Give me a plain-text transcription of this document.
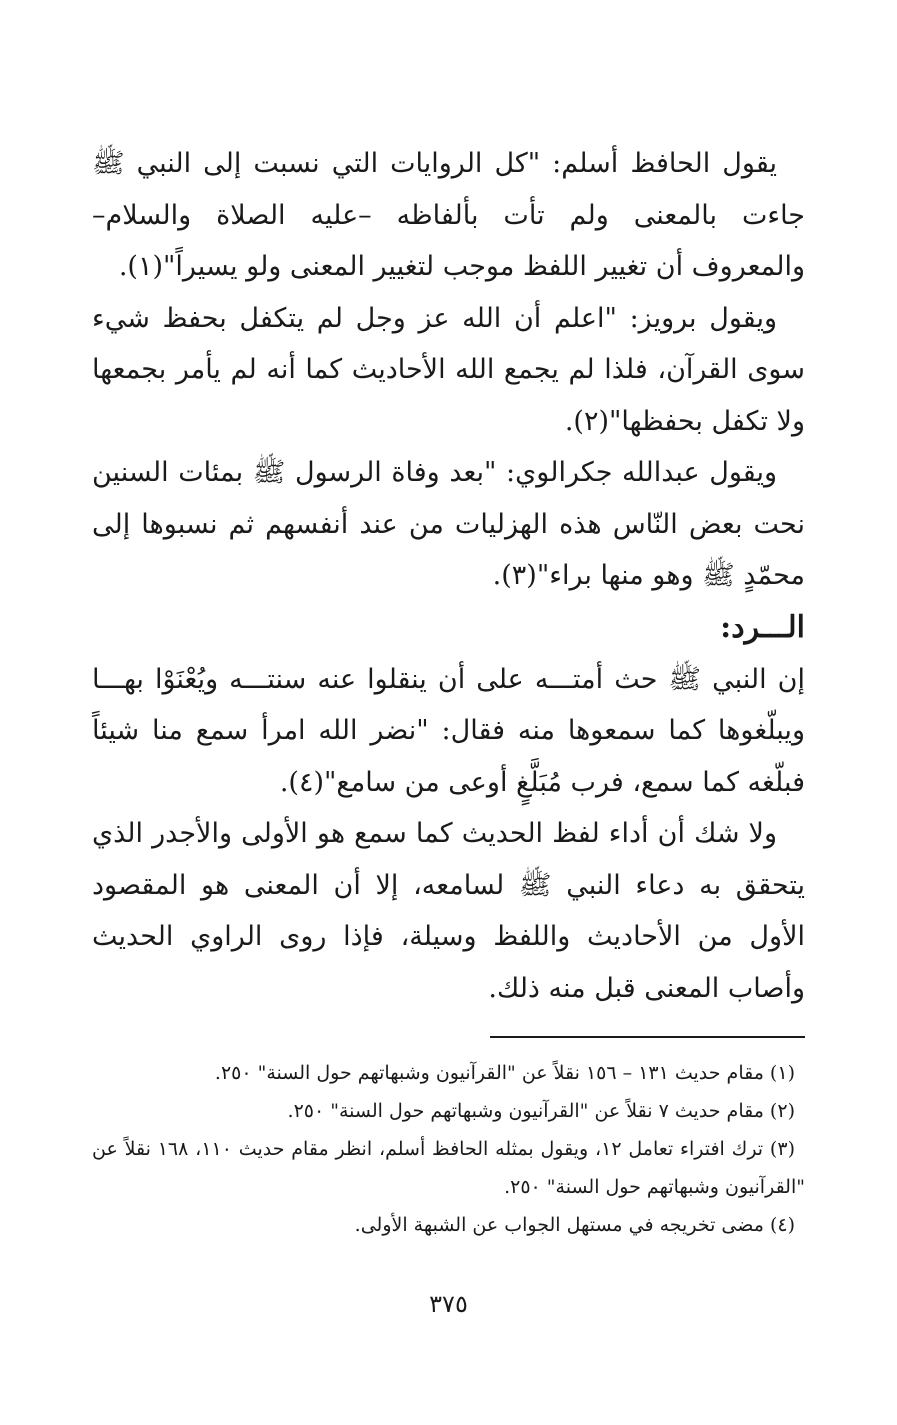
يقول الحافظ أسلم: "كل الروايات التي نسبت إلى النبي ﷺ جاءت بالمعنى ولم تأت بألفاظه –عليه الصلاة والسلام– والمعروف أن تغيير اللفظ موجب لتغيير المعنى ولو يسيراً"(١).

ويقول برويز: "اعلم أن الله عز وجل لم يتكفل بحفظ شيء سوى القرآن، فلذا لم يجمع الله الأحاديث كما أنه لم يأمر بجمعها ولا تكفل بحفظها"(٢).

ويقول عبدالله جكرالوي: "بعد وفاة الرسول ﷺ بمئات السنين نحت بعض النّاس هذه الهزليات من عند أنفسهم ثم نسبوها إلى محمّدٍ ﷺ وهو منها براء"(٣).

الـــرد:

إن النبي ﷺ حث أمتـــه على أن ينقلوا عنه سنتـــه ويُعْنَوْا بهـــا ويبلّغوها كما سمعوها منه فقال: "نضر الله امرأ سمع منا شيئاً فبلّغه كما سمع، فرب مُبَلَّغٍ أوعى من سامع"(٤).

ولا شك أن أداء لفظ الحديث كما سمع هو الأولى والأجدر الذي يتحقق به دعاء النبي ﷺ لسامعه، إلا أن المعنى هو المقصود الأول من الأحاديث واللفظ وسيلة، فإذا روى الراوي الحديث وأصاب المعنى قبل منه ذلك.

(١) مقام حديث ١٣١ – ١٥٦ نقلاً عن "القرآنيون وشبهاتهم حول السنة" ٢٥٠.

(٢) مقام حديث ٧ نقلاً عن "القرآنيون وشبهاتهم حول السنة" ٢٥٠.

(٣) ترك افتراء تعامل ١٢، ويقول بمثله الحافظ أسلم، انظر مقام حديث ١١٠، ١٦٨ نقلاً عن "القرآنيون وشبهاتهم حول السنة" ٢٥٠.

(٤) مضى تخريجه في مستهل الجواب عن الشبهة الأولى.

٣٧٥
